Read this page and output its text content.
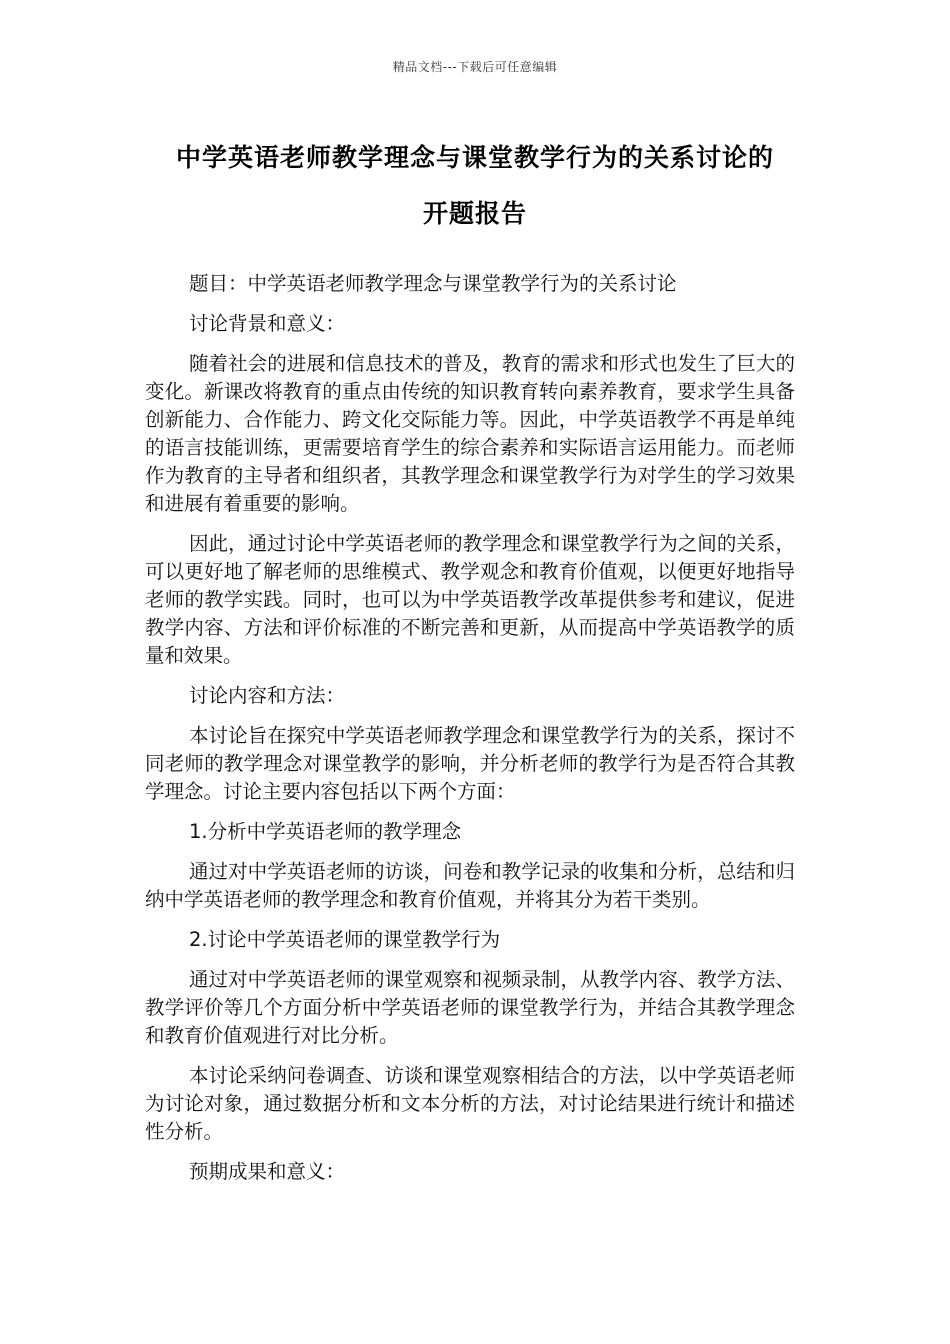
精品文档---下载后可任意编辑
中学英语老师教学理念与课堂教学行为的关系讨论的
开题报告

题目：中学英语老师教学理念与课堂教学行为的关系讨论

讨论背景和意义：

随着社会的进展和信息技术的普及，教育的需求和形式也发生了巨大的变化。新课改将教育的重点由传统的知识教育转向素养教育，要求学生具备创新能力、合作能力、跨文化交际能力等。因此，中学英语教学不再是单纯的语言技能训练，更需要培育学生的综合素养和实际语言运用能力。而老师作为教育的主导者和组织者，其教学理念和课堂教学行为对学生的学习效果和进展有着重要的影响。

因此，通过讨论中学英语老师的教学理念和课堂教学行为之间的关系，可以更好地了解老师的思维模式、教学观念和教育价值观，以便更好地指导老师的教学实践。同时，也可以为中学英语教学改革提供参考和建议，促进教学内容、方法和评价标准的不断完善和更新，从而提高中学英语教学的质量和效果。

讨论内容和方法：

本讨论旨在探究中学英语老师教学理念和课堂教学行为的关系，探讨不同老师的教学理念对课堂教学的影响，并分析老师的教学行为是否符合其教学理念。讨论主要内容包括以下两个方面：

1.分析中学英语老师的教学理念

通过对中学英语老师的访谈，问卷和教学记录的收集和分析，总结和归纳中学英语老师的教学理念和教育价值观，并将其分为若干类别。

2.讨论中学英语老师的课堂教学行为

通过对中学英语老师的课堂观察和视频录制，从教学内容、教学方法、教学评价等几个方面分析中学英语老师的课堂教学行为，并结合其教学理念和教育价值观进行对比分析。

本讨论采纳问卷调查、访谈和课堂观察相结合的方法，以中学英语老师为讨论对象，通过数据分析和文本分析的方法，对讨论结果进行统计和描述性分析。

预期成果和意义：
